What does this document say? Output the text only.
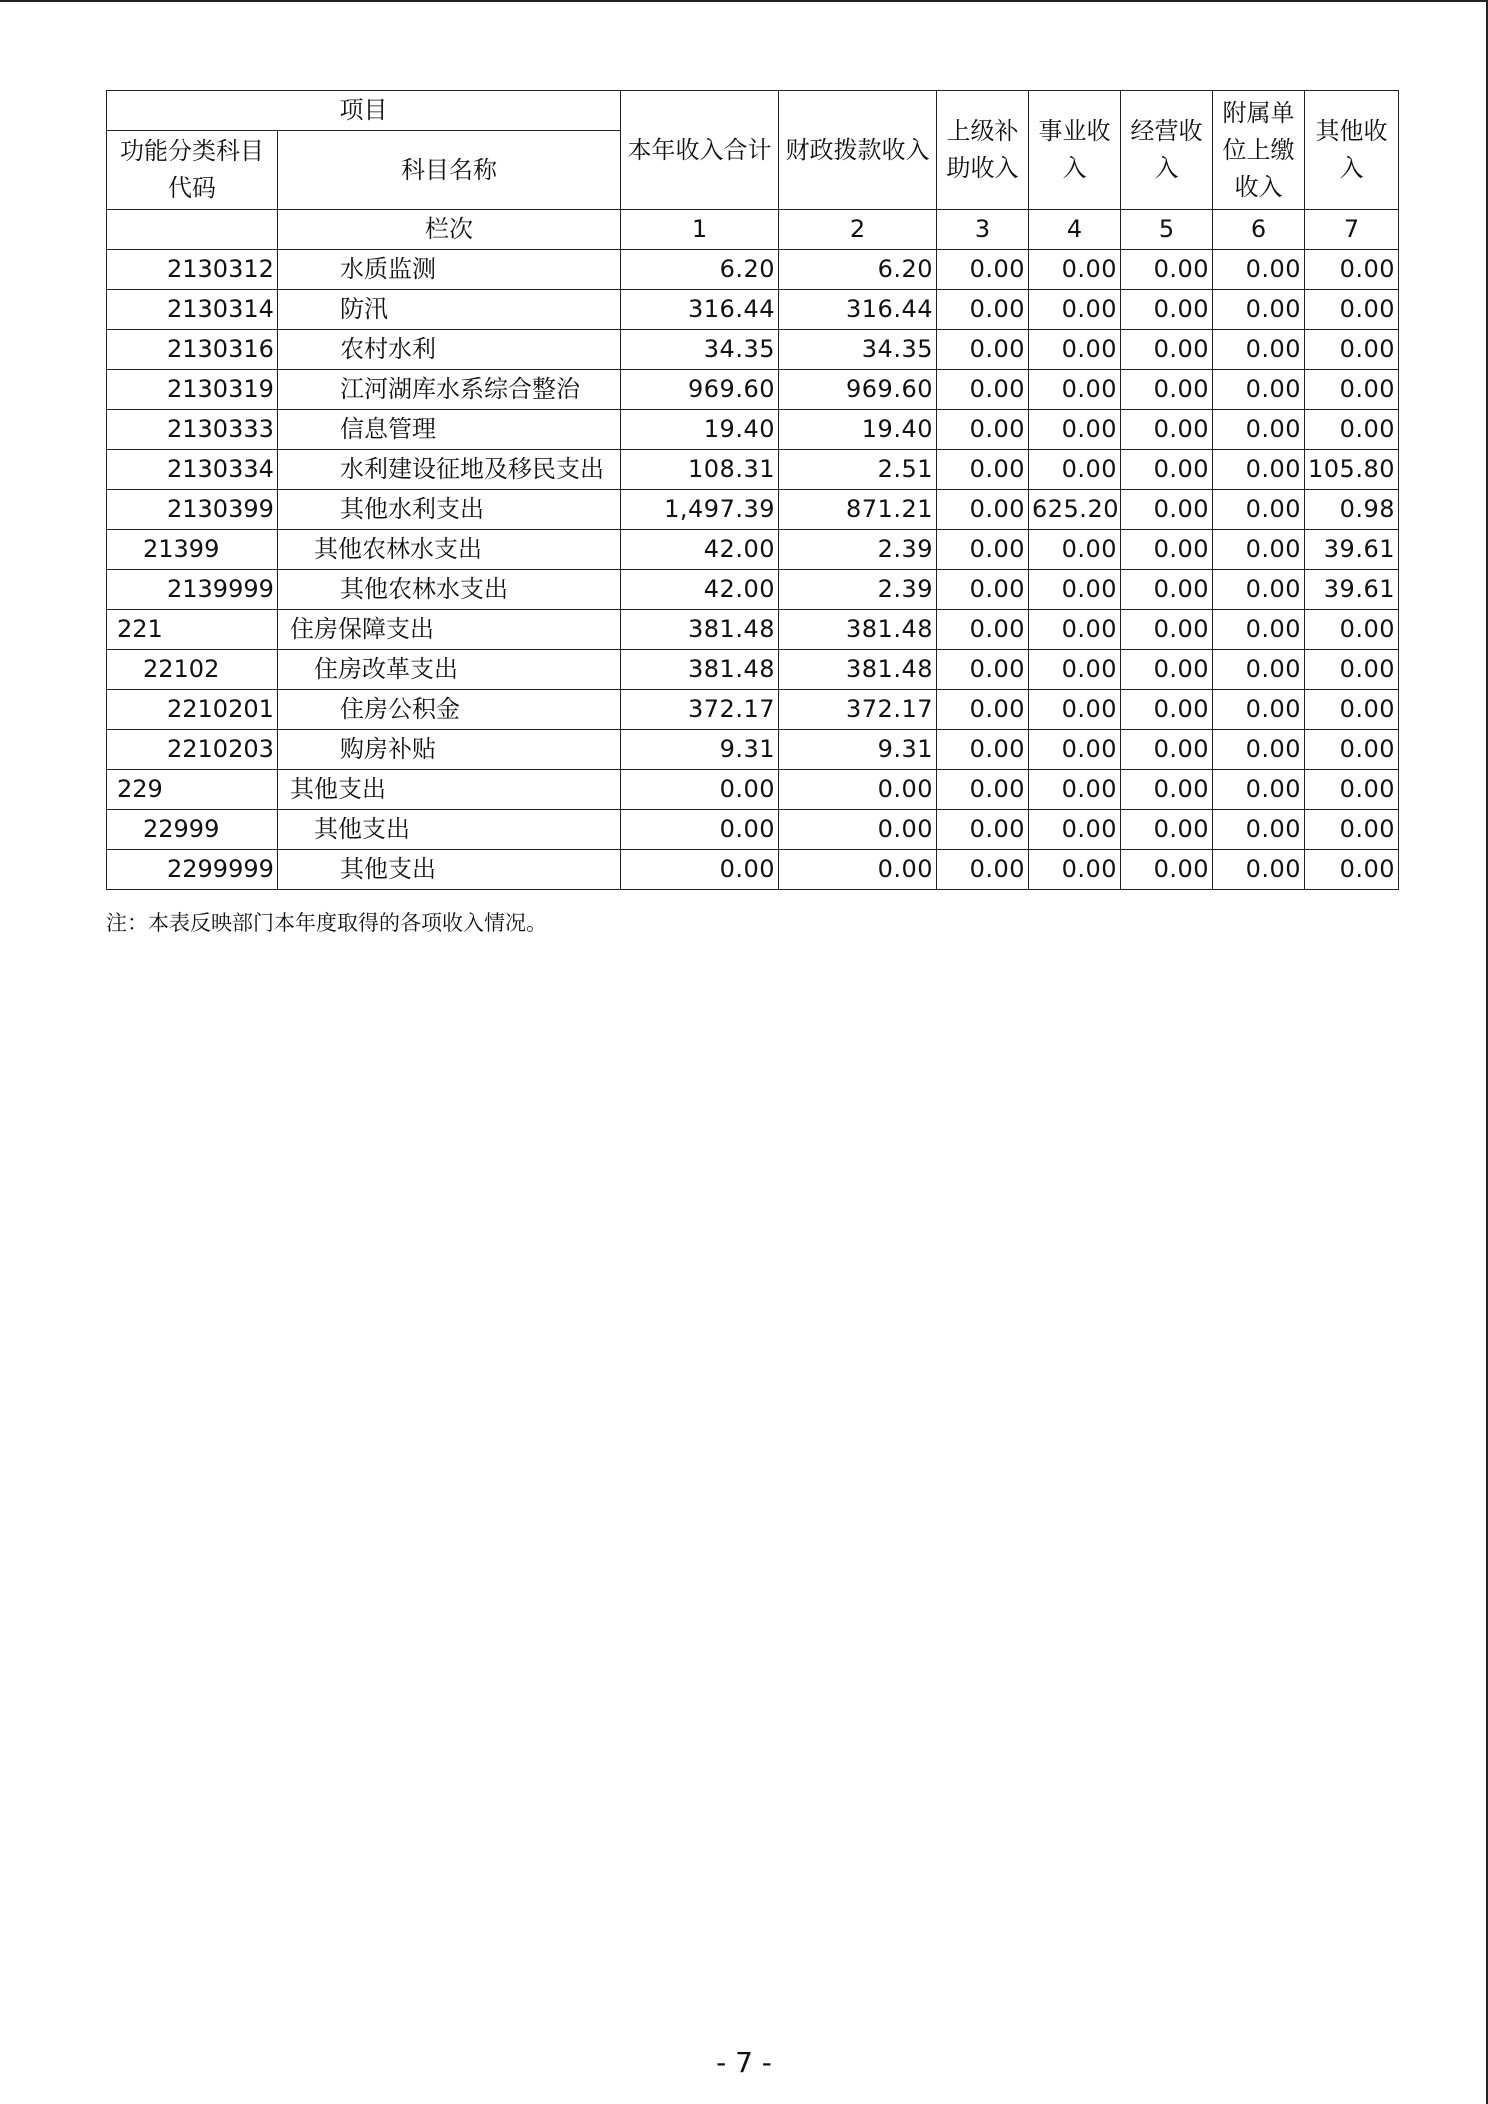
项目		本年收入合计	财政拨款收入	上级补助收入	事业收入	经营收入	附属单位上缴收入	其他收入
功能分类科目代码	科目名称							
	栏次	1	2	3	4	5	6	7
2130312	水质监测	6.20	6.20	0.00	0.00	0.00	0.00	0.00
2130314	防汛	316.44	316.44	0.00	0.00	0.00	0.00	0.00
2130316	农村水利	34.35	34.35	0.00	0.00	0.00	0.00	0.00
2130319	江河湖库水系综合整治	969.60	969.60	0.00	0.00	0.00	0.00	0.00
2130333	信息管理	19.40	19.40	0.00	0.00	0.00	0.00	0.00
2130334	水利建设征地及移民支出	108.31	2.51	0.00	0.00	0.00	0.00	105.80
2130399	其他水利支出	1,497.39	871.21	0.00	625.20	0.00	0.00	0.98
21399	其他农林水支出	42.00	2.39	0.00	0.00	0.00	0.00	39.61
2139999	其他农林水支出	42.00	2.39	0.00	0.00	0.00	0.00	39.61
221	住房保障支出	381.48	381.48	0.00	0.00	0.00	0.00	0.00
22102	住房改革支出	381.48	381.48	0.00	0.00	0.00	0.00	0.00
2210201	住房公积金	372.17	372.17	0.00	0.00	0.00	0.00	0.00
2210203	购房补贴	9.31	9.31	0.00	0.00	0.00	0.00	0.00
229	其他支出	0.00	0.00	0.00	0.00	0.00	0.00	0.00
22999	其他支出	0.00	0.00	0.00	0.00	0.00	0.00	0.00
2299999	其他支出	0.00	0.00	0.00	0.00	0.00	0.00	0.00
注：本表反映部门本年度取得的各项收入情况。
- 7 -
